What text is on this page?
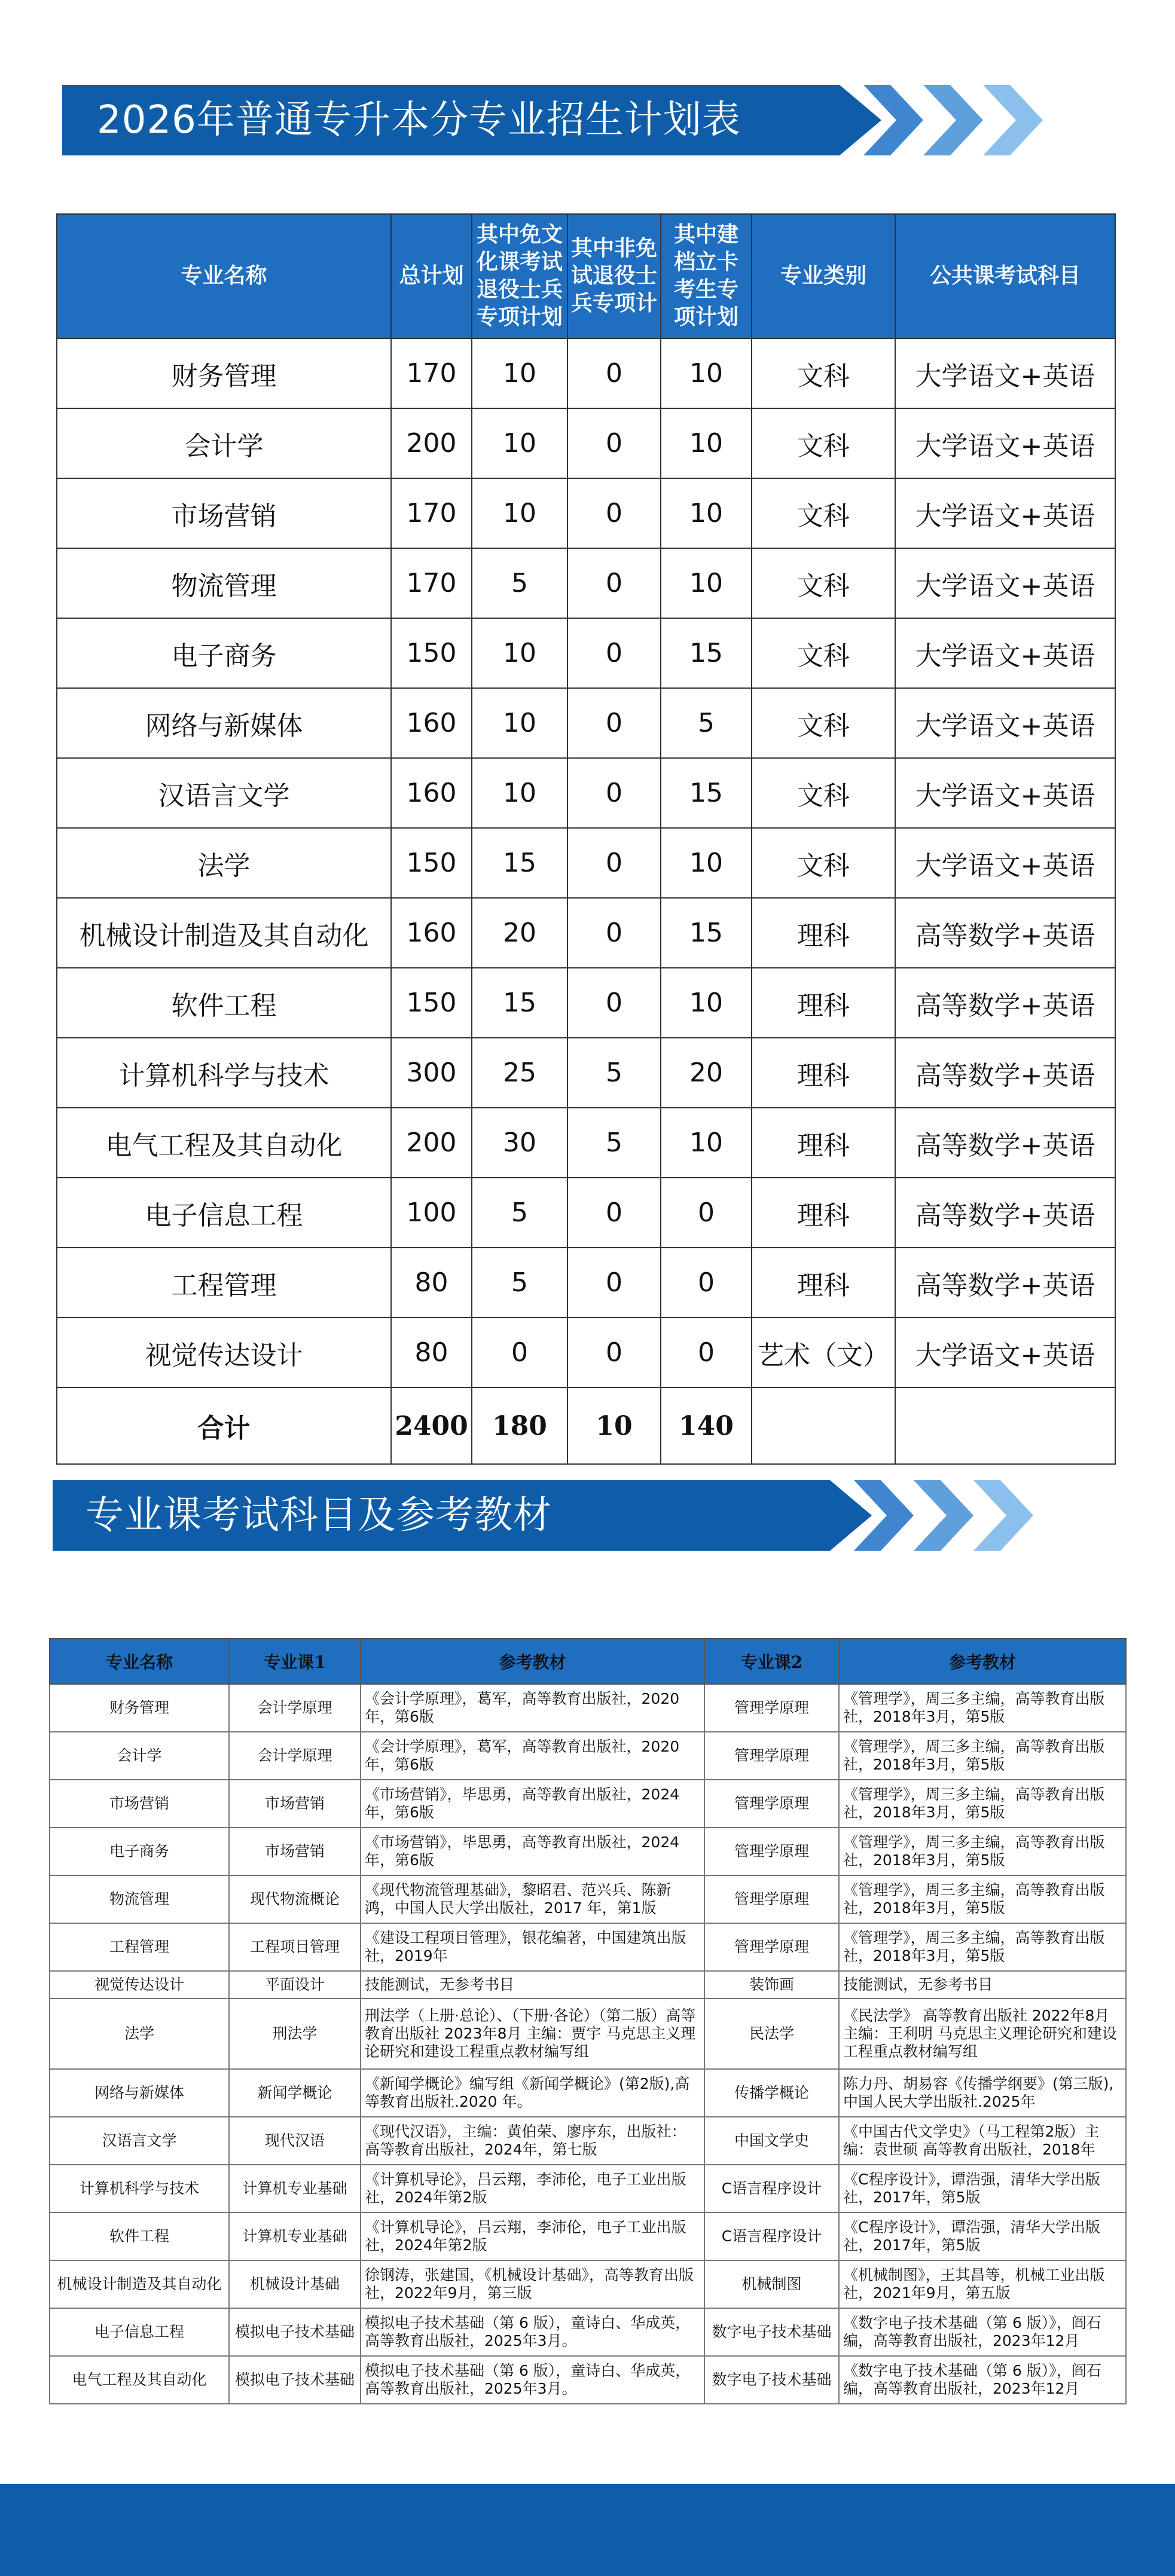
2026年普通专升本分专业招生计划表
专业名称	总计划	其中免文化课考试退役士兵专项计划	其中非免试退役士兵专项计	其中建档立卡考生专项计划	专业类别	公共课考试科目
财务管理	170	10	0	10	文科	大学语文+英语
会计学	200	10	0	10	文科	大学语文+英语
市场营销	170	10	0	10	文科	大学语文+英语
物流管理	170	5	0	10	文科	大学语文+英语
电子商务	150	10	0	15	文科	大学语文+英语
网络与新媒体	160	10	0	5	文科	大学语文+英语
汉语言文学	160	10	0	15	文科	大学语文+英语
法学	150	15	0	10	文科	大学语文+英语
机械设计制造及其自动化	160	20	0	15	理科	高等数学+英语
软件工程	150	15	0	10	理科	高等数学+英语
计算机科学与技术	300	25	5	20	理科	高等数学+英语
电气工程及其自动化	200	30	5	10	理科	高等数学+英语
电子信息工程	100	5	0	0	理科	高等数学+英语
工程管理	80	5	0	0	理科	高等数学+英语
视觉传达设计	80	0	0	0	艺术（文）	大学语文+英语
合计	2400	180	10	140		
专业课考试科目及参考教材
专业名称	专业课1	参考教材	专业课2	参考教材
财务管理	会计学原理	《会计学原理》，葛军，高等教育出版社，2020年，第6版	管理学原理	《管理学》，周三多主编，高等教育出版社，2018年3月，第5版
会计学	会计学原理	《会计学原理》，葛军，高等教育出版社，2020年，第6版	管理学原理	《管理学》，周三多主编，高等教育出版社，2018年3月，第5版
市场营销	市场营销	《市场营销》，毕思勇，高等教育出版社，2024年，第6版	管理学原理	《管理学》，周三多主编，高等教育出版社，2018年3月，第5版
电子商务	市场营销	《市场营销》，毕思勇，高等教育出版社，2024年，第6版	管理学原理	《管理学》，周三多主编，高等教育出版社，2018年3月，第5版
物流管理	现代物流概论	《现代物流管理基础》，黎昭君、范兴兵、陈新鸿，中国人民大学出版社，2017 年，第1版	管理学原理	《管理学》，周三多主编，高等教育出版社，2018年3月，第5版
工程管理	工程项目管理	《建设工程项目管理》，银花编著，中国建筑出版社，2019年	管理学原理	《管理学》，周三多主编，高等教育出版社，2018年3月，第5版
视觉传达设计	平面设计	技能测试，无参考书目	装饰画	技能测试，无参考书目
法学	刑法学	刑法学（上册·总论）、（下册·各论）（第二版）高等教育出版社 2023年8月 主编：贾宇 马克思主义理论研究和建设工程重点教材编写组	民法学	《民法学》 高等教育出版社 2022年8月 主编：王利明 马克思主义理论研究和建设工程重点教材编写组
网络与新媒体	新闻学概论	《新闻学概论》编写组《新闻学概论》(第2版),高等教育出版社.2020 年。	传播学概论	陈力丹、胡易容《传播学纲要》(第三版),中国人民大学出版社.2025年
汉语言文学	现代汉语	《现代汉语》，主编：黄伯荣、廖序东，出版社：高等教育出版社，2024年，第七版	中国文学史	《中国古代文学史》（马工程第2版）主编：袁世硕 高等教育出版社，2018年
计算机科学与技术	计算机专业基础	《计算机导论》，吕云翔，李沛伦，电子工业出版社，2024年第2版	C语言程序设计	《C程序设计》，谭浩强，清华大学出版社，2017年，第5版
软件工程	计算机专业基础	《计算机导论》，吕云翔，李沛伦，电子工业出版社，2024年第2版	C语言程序设计	《C程序设计》，谭浩强，清华大学出版社，2017年，第5版
机械设计制造及其自动化	机械设计基础	徐钢涛，张建国，《机械设计基础》，高等教育出版社，2022年9月，第三版	机械制图	《机械制图》，王其昌等，机械工业出版社，2021年9月，第五版
电子信息工程	模拟电子技术基础	模拟电子技术基础（第 6 版），童诗白、华成英，高等教育出版社，2025年3月。	数字电子技术基础	《数字电子技术基础（第 6 版）》，阎石编，高等教育出版社，2023年12月
电气工程及其自动化	模拟电子技术基础	模拟电子技术基础（第 6 版），童诗白、华成英，高等教育出版社，2025年3月。	数字电子技术基础	《数字电子技术基础（第 6 版）》，阎石编，高等教育出版社，2023年12月
